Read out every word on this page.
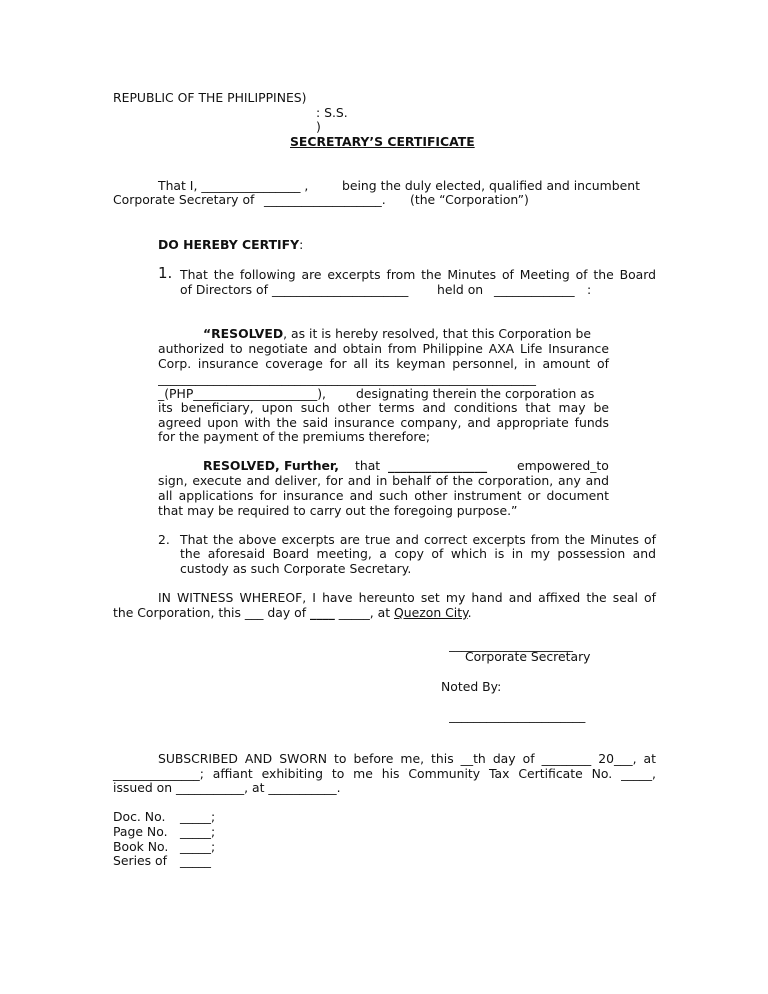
REPUBLIC OF THE PHILIPPINES)
: S.S.
)
SECRETARY’S CERTIFICATE
That I, ________________ ,	being the duly elected, qualified and incumbent
Corporate Secretary of ___________________. (the “Corporation”)
DO HEREBY CERTIFY:
1. That the following are excerpts from the Minutes of Meeting of the Board
of Directors of ______________________ held on _____________ :
“RESOLVED, as it is hereby resolved, that this Corporation be
authorized to negotiate and obtain from Philippine AXA Life Insurance
Corp. insurance coverage for all its keyman personnel, in amount of
_____________________________________________________________
_(PHP____________________), designating therein the corporation as
its beneficiary, upon such other terms and conditions that may be
agreed upon with the said insurance company, and appropriate funds
for the payment of the premiums therefore;
RESOLVED, Further, that ________________ empowered_to
sign, execute and deliver, for and in behalf of the corporation, any and
all applications for insurance and such other instrument or document
that may be required to carry out the foregoing purpose.”
2. That the above excerpts are true and correct excerpts from the Minutes of
the aforesaid Board meeting, a copy of which is in my possession and
custody as such Corporate Secretary.
IN WITNESS WHEREOF, I have hereunto set my hand and affixed the seal of
the Corporation, this ___ day of ____ _____, at Quezon City.
____________________
Corporate Secretary
Noted By:
______________________
SUBSCRIBED AND SWORN to before me, this __th day of ________ 20___, at
______________; affiant exhibiting to me his Community Tax Certificate No. _____,
issued on ___________, at ___________.
Doc. No. _____;
Page No. _____;
Book No. _____;
Series of _____
